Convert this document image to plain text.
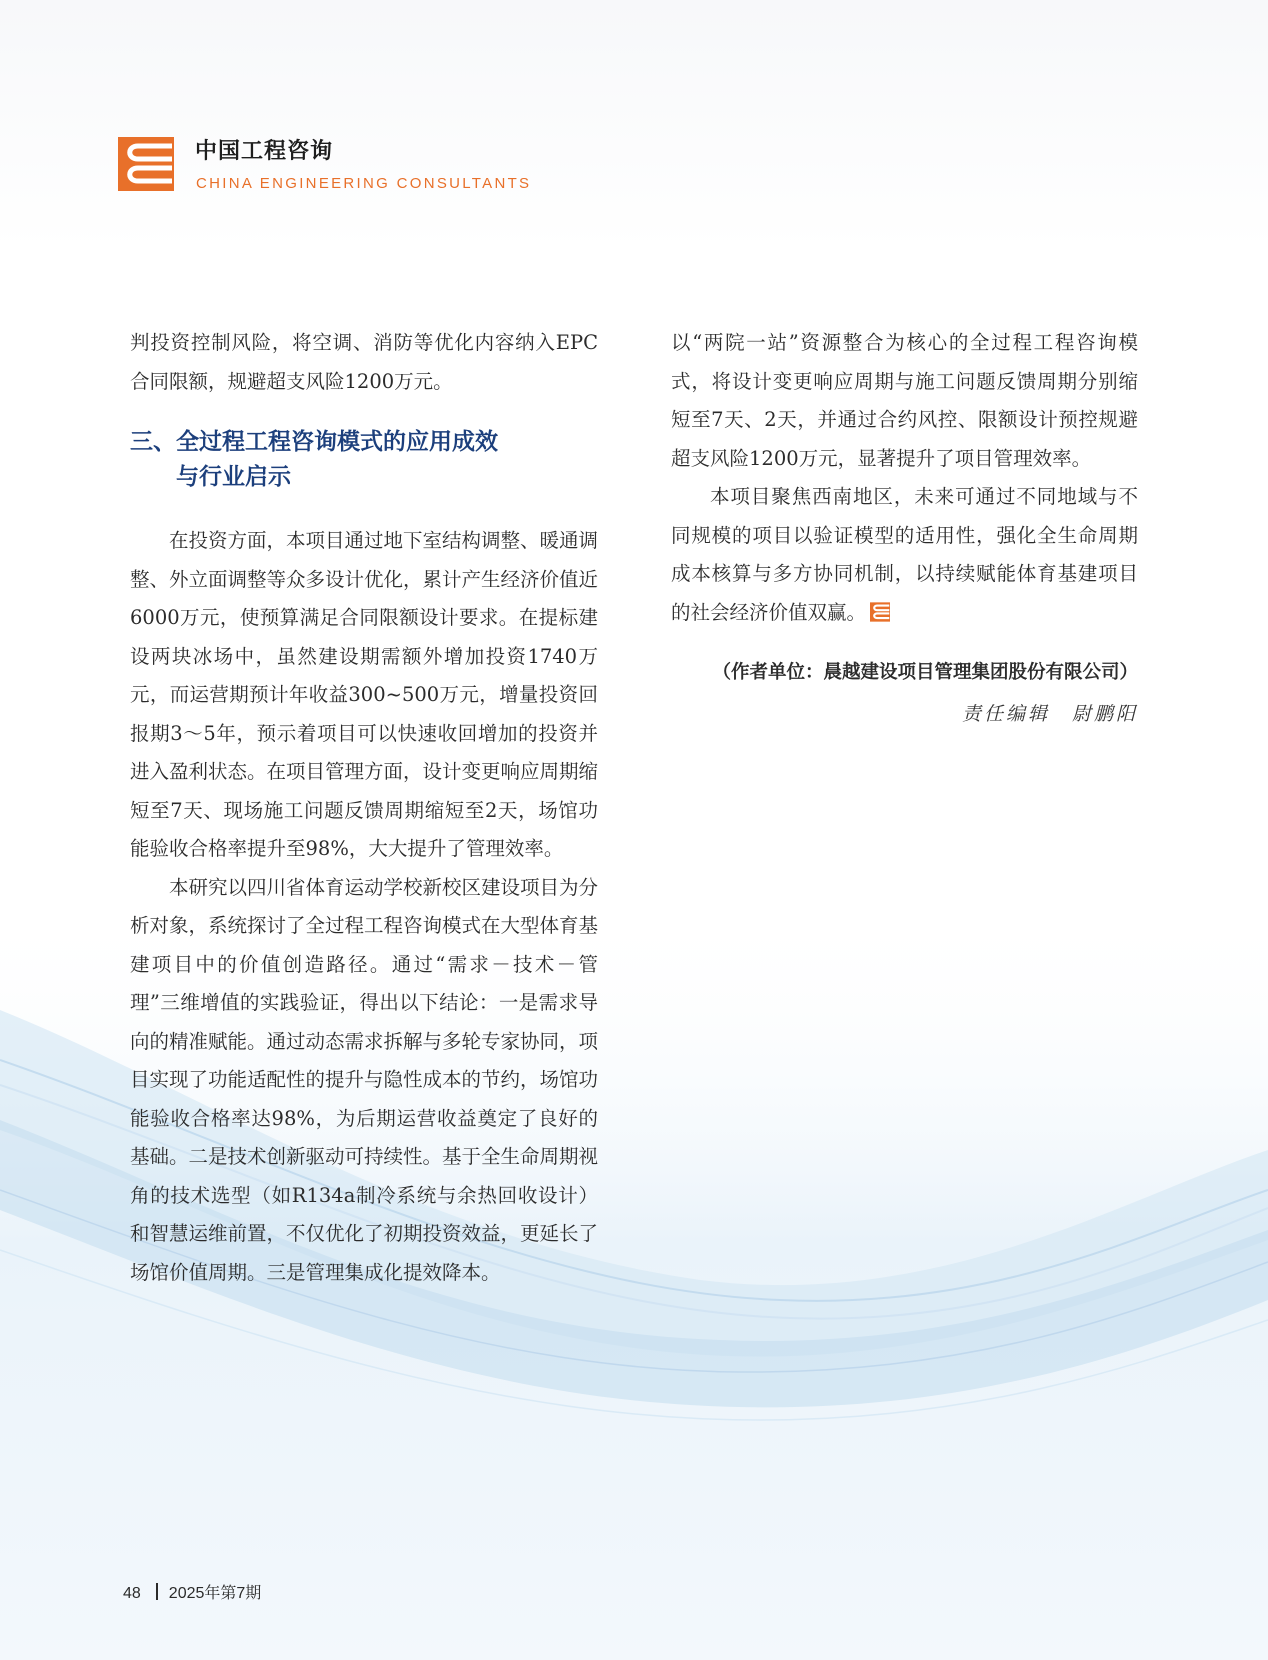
中国工程咨询
CHINA ENGINEERING CONSULTANTS

判投资控制风险，将空调、消防等优化内容纳入EPC合同限额，规避超支风险1200万元。

三、全过程工程咨询模式的应用成效
与行业启示

在投资方面，本项目通过地下室结构调整、暖通调整、外立面调整等众多设计优化，累计产生经济价值近6000万元，使预算满足合同限额设计要求。在提标建设两块冰场中，虽然建设期需额外增加投资1740万元，而运营期预计年收益300~500万元，增量投资回报期3～5年，预示着项目可以快速收回增加的投资并进入盈利状态。在项目管理方面，设计变更响应周期缩短至7天、现场施工问题反馈周期缩短至2天，场馆功能验收合格率提升至98%，大大提升了管理效率。

本研究以四川省体育运动学校新校区建设项目为分析对象，系统探讨了全过程工程咨询模式在大型体育基建项目中的价值创造路径。通过“需求－技术－管理”三维增值的实践验证，得出以下结论：一是需求导向的精准赋能。通过动态需求拆解与多轮专家协同，项目实现了功能适配性的提升与隐性成本的节约，场馆功能验收合格率达98%，为后期运营收益奠定了良好的基础。二是技术创新驱动可持续性。基于全生命周期视角的技术选型（如R134a制冷系统与余热回收设计）和智慧运维前置，不仅优化了初期投资效益，更延长了场馆价值周期。三是管理集成化提效降本。

以“两院一站”资源整合为核心的全过程工程咨询模式，将设计变更响应周期与施工问题反馈周期分别缩短至7天、2天，并通过合约风控、限额设计预控规避超支风险1200万元，显著提升了项目管理效率。

本项目聚焦西南地区，未来可通过不同地域与不同规模的项目以验证模型的适用性，强化全生命周期成本核算与多方协同机制，以持续赋能体育基建项目的社会经济价值双赢。

（作者单位：晨越建设项目管理集团股份有限公司）

责任编辑　尉鹏阳

48 2025年第7期
